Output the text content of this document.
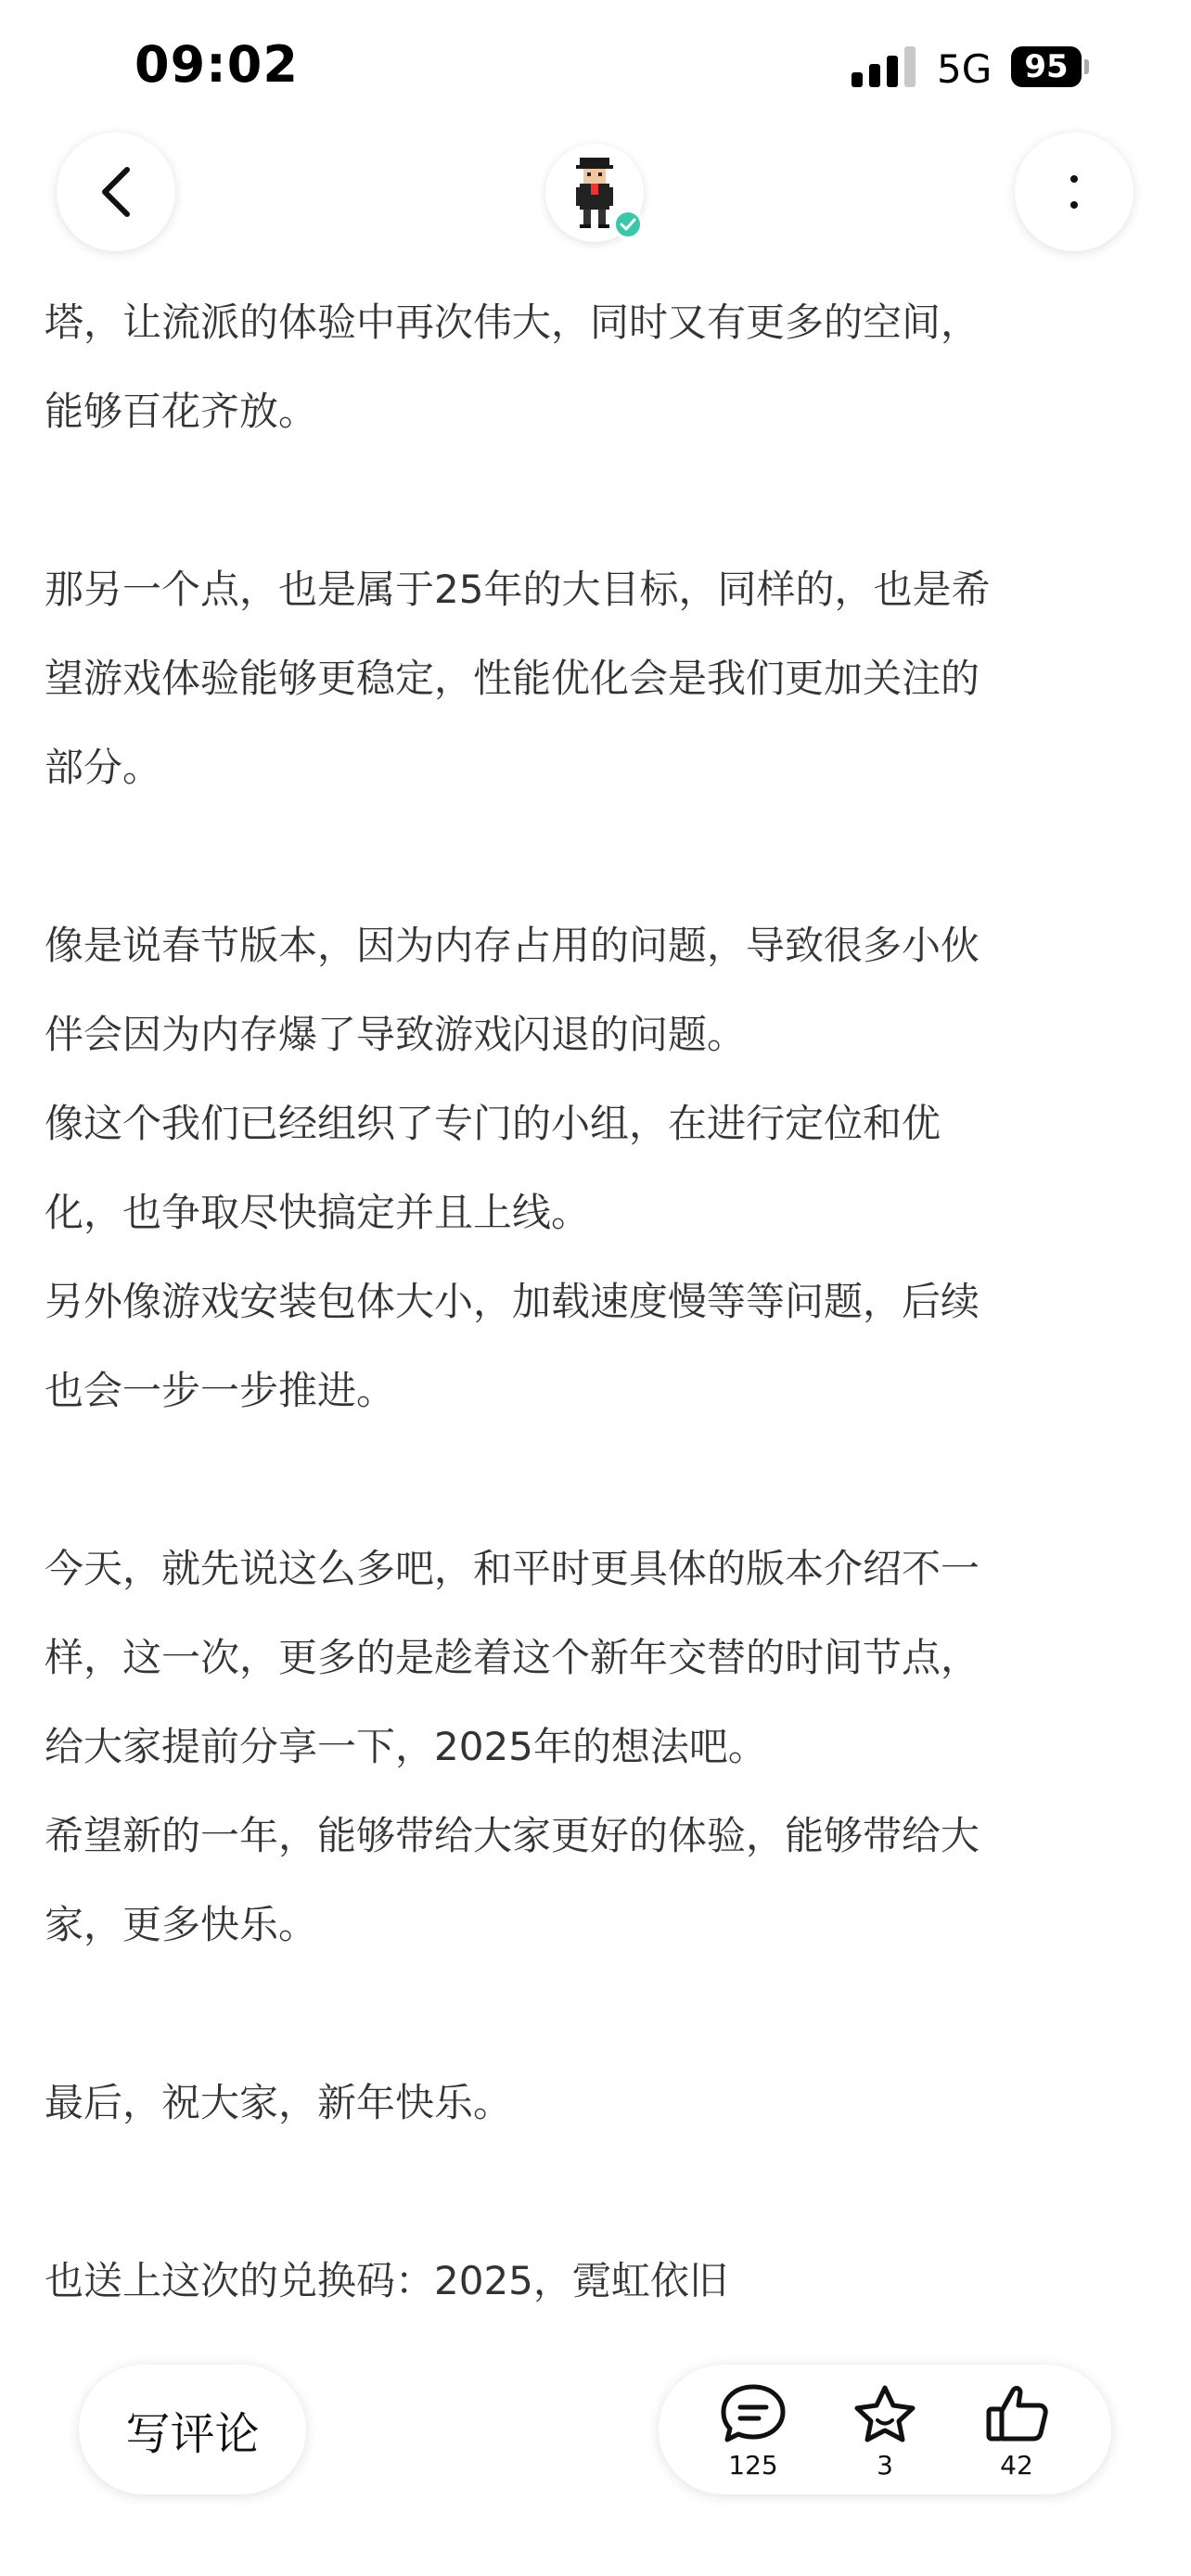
09:02	5G	95

塔，让流派的体验中再次伟大，同时又有更多的空间，

能够百花齐放。

那另一个点，也是属于25年的大目标，同样的，也是希

望游戏体验能够更稳定，性能优化会是我们更加关注的

部分。

像是说春节版本，因为内存占用的问题，导致很多小伙

伴会因为内存爆了导致游戏闪退的问题。

像这个我们已经组织了专门的小组，在进行定位和优

化，也争取尽快搞定并且上线。

另外像游戏安装包体大小，加载速度慢等等问题，后续

也会一步一步推进。

今天，就先说这么多吧，和平时更具体的版本介绍不一

样，这一次，更多的是趁着这个新年交替的时间节点，

给大家提前分享一下，2025年的想法吧。

希望新的一年，能够带给大家更好的体验，能够带给大

家，更多快乐。

最后，祝大家，新年快乐。

也送上这次的兑换码：2025，霓虹依旧

写评论
125	3	42
